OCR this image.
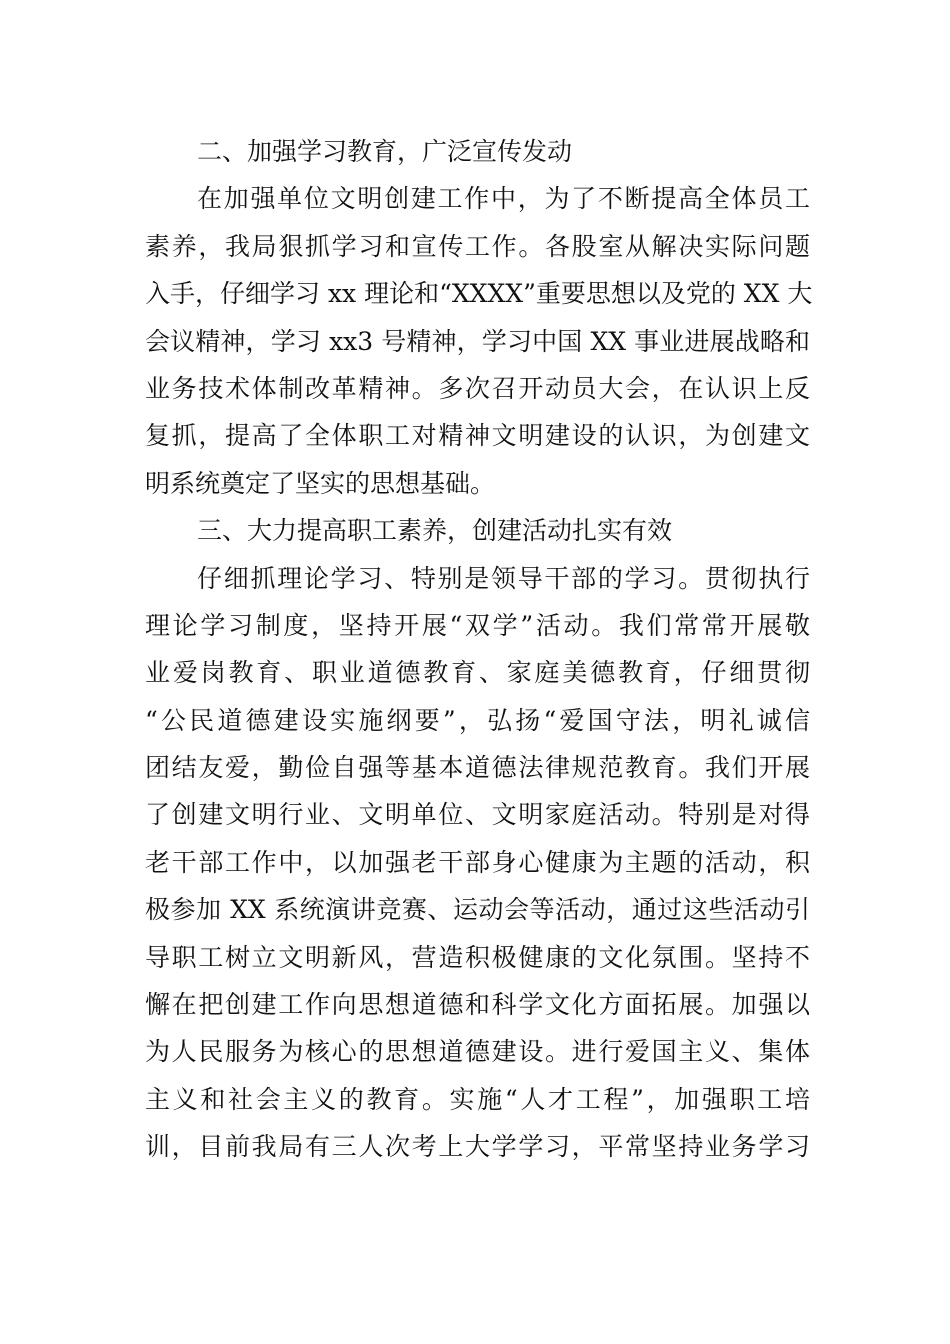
二、加强学习教育，广泛宣传发动
在加强单位文明创建工作中，为了不断提高全体员工
素养，我局狠抓学习和宣传工作。各股室从解决实际问题
入手，仔细学习 xx 理论和“XXXX”重要思想以及党的 XX 大
会议精神，学习 xx3 号精神，学习中国 XX 事业进展战略和
业务技术体制改革精神。多次召开动员大会，在认识上反
复抓，提高了全体职工对精神文明建设的认识，为创建文
明系统奠定了坚实的思想基础。
三、大力提高职工素养，创建活动扎实有效
仔细抓理论学习、特别是领导干部的学习。贯彻执行
理论学习制度，坚持开展“双学”活动。我们常常开展敬
业爱岗教育、职业道德教育、家庭美德教育，仔细贯彻
“公民道德建设实施纲要”，弘扬“爱国守法，明礼诚信
团结友爱，勤俭自强等基本道德法律规范教育。我们开展
了创建文明行业、文明单位、文明家庭活动。特别是对得
老干部工作中，以加强老干部身心健康为主题的活动，积
极参加 XX 系统演讲竞赛、运动会等活动，通过这些活动引
导职工树立文明新风，营造积极健康的文化氛围。坚持不
懈在把创建工作向思想道德和科学文化方面拓展。加强以
为人民服务为核心的思想道德建设。进行爱国主义、集体
主义和社会主义的教育。实施“人才工程”，加强职工培
训，目前我局有三人次考上大学学习，平常坚持业务学习
